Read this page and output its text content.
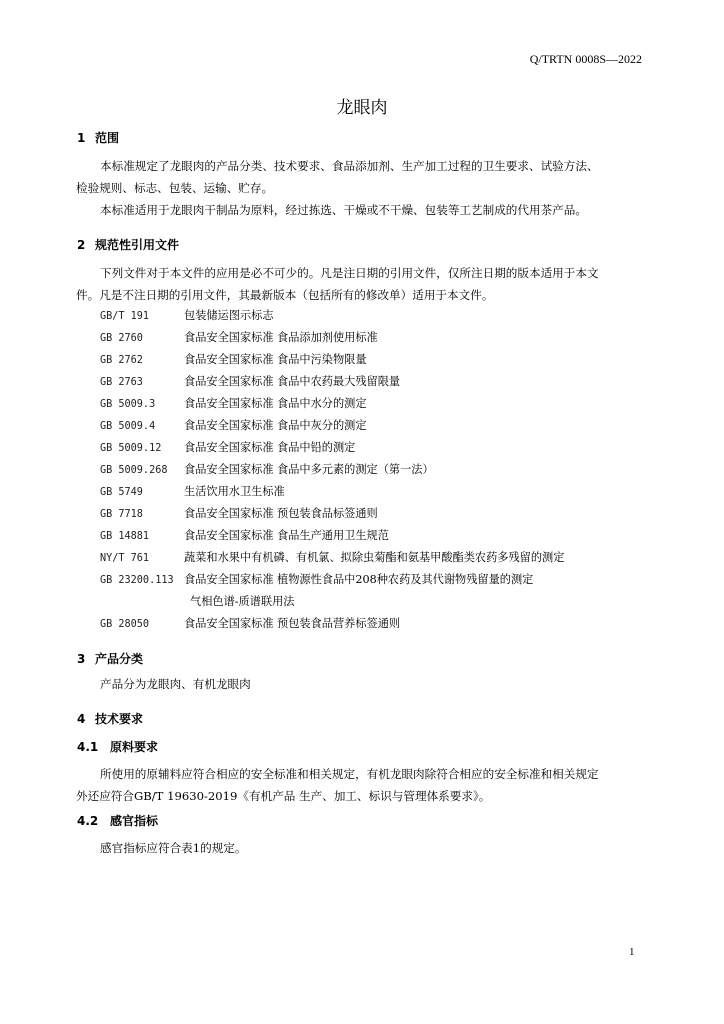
Q/TRTN 0008S—2022
龙眼肉
1 范围
本标准规定了龙眼肉的产品分类、技术要求、食品添加剂、生产加工过程的卫生要求、试验方法、
检验规则、标志、包装、运输、贮存。
本标准适用于龙眼肉干制品为原料，经过拣选、干燥或不干燥、包装等工艺制成的代用茶产品。
2 规范性引用文件
下列文件对于本文件的应用是必不可少的。凡是注日期的引用文件，仅所注日期的版本适用于本文
件。凡是不注日期的引用文件，其最新版本（包括所有的修改单）适用于本文件。
GB/T 191	包装储运图示标志
GB 2760	食品安全国家标准 食品添加剂使用标准
GB 2762	食品安全国家标准 食品中污染物限量
GB 2763	食品安全国家标准 食品中农药最大残留限量
GB 5009.3	食品安全国家标准 食品中水分的测定
GB 5009.4	食品安全国家标准 食品中灰分的测定
GB 5009.12 食品安全国家标准 食品中铅的测定
GB 5009.268 食品安全国家标准 食品中多元素的测定（第一法）
GB 5749	生活饮用水卫生标准
GB 7718	食品安全国家标准 预包装食品标签通则
GB 14881	食品安全国家标准 食品生产通用卫生规范
NY/T 761	蔬菜和水果中有机磷、有机氯、拟除虫菊酯和氨基甲酸酯类农药多残留的测定
GB 23200.113 食品安全国家标准 植物源性食品中208种农药及其代谢物残留量的测定
气相色谱-质谱联用法
GB 28050	食品安全国家标准 预包装食品营养标签通则
3 产品分类
产品分为龙眼肉、有机龙眼肉
4 技术要求
4.1 原料要求
所使用的原辅料应符合相应的安全标准和相关规定，有机龙眼肉除符合相应的安全标准和相关规定
外还应符合GB/T 19630-2019《有机产品 生产、加工、标识与管理体系要求》。
4.2 感官指标
感官指标应符合表1的规定。
1
